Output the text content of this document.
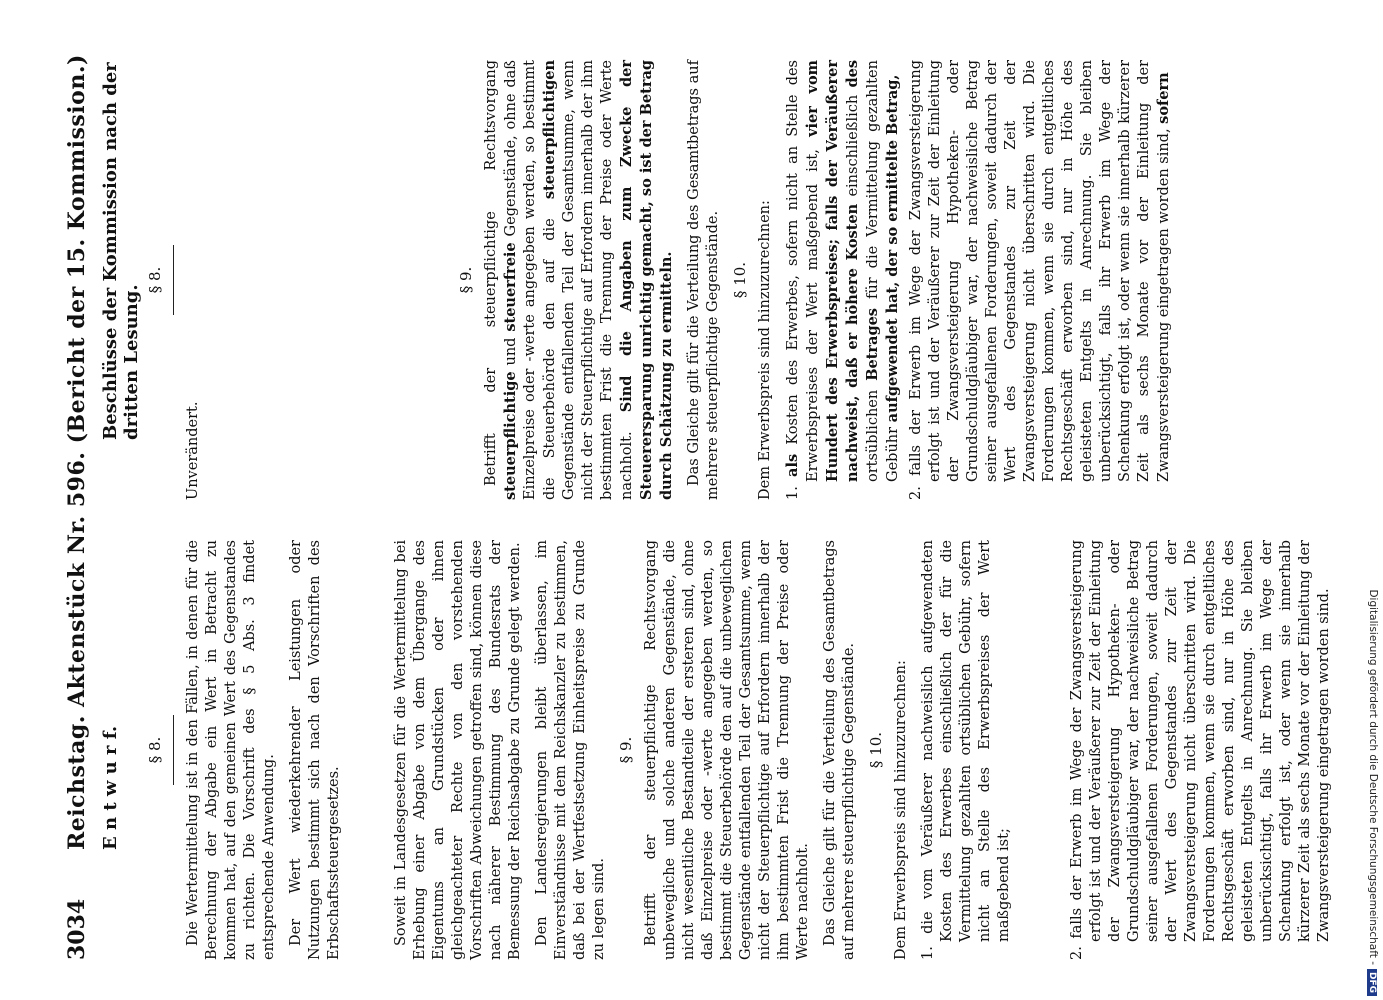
3034
Reichstag. Aktenstück Nr. 596. (Bericht der 15. Kommission.) E n t w u r f.
Beschlüsse der Kommission nach der dritten Lesung.
§ 8. Die Wertermittelung ist in den Fällen, in denen für die Berechnung der Abgabe ein Wert in Betracht zu kommen hat, auf den gemeinen Wert des Gegenstandes zu richten. Die Vorschrift des § 5 Abs. 3 findet entsprechende Anwendung. Der Wert wiederkehrender Leistungen oder Nutzungen bestimmt sich nach den Vorschriften des Erbschaftssteuergesetzes.	Soweit in Landesgesetzen für die Wertermittelung bei Erhebung einer Abgabe von dem Übergange des Eigentums an Grundstücken oder ihnen gleichgeachteter Rechte von den vorstehenden Vorschriften Abweichungen getroffen sind, können diese nach näherer Bestimmung des Bundesrats der Bemessung der Reichsabgabe zu Grunde gelegt werden. Den Landesregierungen bleibt überlassen, im Einverständnisse mit dem Reichskanzler zu bestimmen, daß bei der Wertfestsetzung Einheitspreise zu Grunde zu legen sind.

§ 9. Betrifft der steuerpflichtige Rechtsvorgang unbewegliche und solche anderen Gegenstände, die nicht wesentliche Bestandteile der ersteren sind, ohne daß Einzelpreise oder -werte angegeben werden, so bestimmt die Steuerbehörde den auf die unbeweglichen Gegenstände entfallenden Teil der Gesamtsumme, wenn nicht der Steuerpflichtige auf Erfordern innerhalb der ihm bestimmten Frist die Trennung der Preise oder Werte nachholt. Das Gleiche gilt für die Verteilung des Gesamtbetrags auf mehrere steuerpflichtige Gegenstände. § 10. Dem Erwerbspreis sind hinzuzurechnen: 1. die vom Veräußerer nachweislich aufgewendeten Kosten des Erwerbes einschließlich der für die Vermittelung gezahlten ortsüblichen Gebühr, sofern nicht an Stelle des Erwerbspreises der Wert maßgebend ist;	2. falls der Erwerb im Wege der Zwangsversteigerung erfolgt ist und der Veräußerer zur Zeit der Einleitung der Zwangsversteigerung Hypotheken- oder Grundschuldgläubiger war, der nachweisliche Betrag seiner ausgefallenen Forderungen, soweit dadurch der Wert des Gegenstandes zur Zeit der Zwangsversteigerung nicht überschritten wird. Die Forderungen kommen, wenn sie durch entgeltliches Rechtsgeschäft erworben sind, nur in Höhe des geleisteten Entgelts in Anrechnung. Sie bleiben unberücksichtigt, falls ihr Erwerb im Wege der Schenkung erfolgt ist, oder wenn sie innerhalb kürzerer Zeit als sechs Monate vor der Einleitung der Zwangsversteigerung eingetragen worden sind.
§ 8.

Unverändert.

§ 9. Betrifft der steuerpflichtige Rechtsvorgang steuerpflichtige und steuerfreie Gegenstände, ohne daß Einzelpreise oder -werte angegeben werden, so bestimmt die Steuerbehörde den auf die steuerpflichtigen Gegenstände entfallenden Teil der Gesamtsumme, wenn nicht der Steuerpflichtige auf Erfordern innerhalb der ihm bestimmten Frist die Trennung der Preise oder Werte nachholt. Sind die Angaben zum Zwecke der Steuerersparung unrichtig gemacht, so ist der Betrag durch Schätzung zu ermitteln. Das Gleiche gilt für die Verteilung des Gesamtbetrags auf mehrere steuerpflichtige Gegenstände. § 10. Dem Erwerbspreis sind hinzuzurechnen: 1. als Kosten des Erwerbes, sofern nicht an Stelle des Erwerbspreises der Wert maßgebend ist, vier vom Hundert des Erwerbspreises; falls der Veräußerer nachweist, daß er höhere Kosten einschließlich des ortsüblichen Betrages für die Vermittelung gezahlten Gebühr aufgewendet hat, der so ermittelte Betrag, 2. falls der Erwerb im Wege der Zwangsversteigerung erfolgt ist und der Veräußerer zur Zeit der Einleitung der Zwangsversteigerung Hypotheken- oder Grundschuldgläubiger war, der nachweisliche Betrag seiner ausgefallenen Forderungen, soweit dadurch der Wert des Gegenstandes zur Zeit der Zwangsversteigerung nicht überschritten wird. Die Forderungen kommen, wenn sie durch entgeltliches Rechtsgeschäft erworben sind, nur in Höhe des geleisteten Entgelts in Anrechnung. Sie bleiben unberücksichtigt, falls ihr Erwerb im Wege der Schenkung erfolgt ist, oder wenn sie innerhalb kürzerer Zeit als sechs Monate vor der Einleitung der Zwangsversteigerung eingetragen worden sind, sofern
Digitalisierung gefördert durch die Deutsche Forschungsgemeinschaft -DFG
